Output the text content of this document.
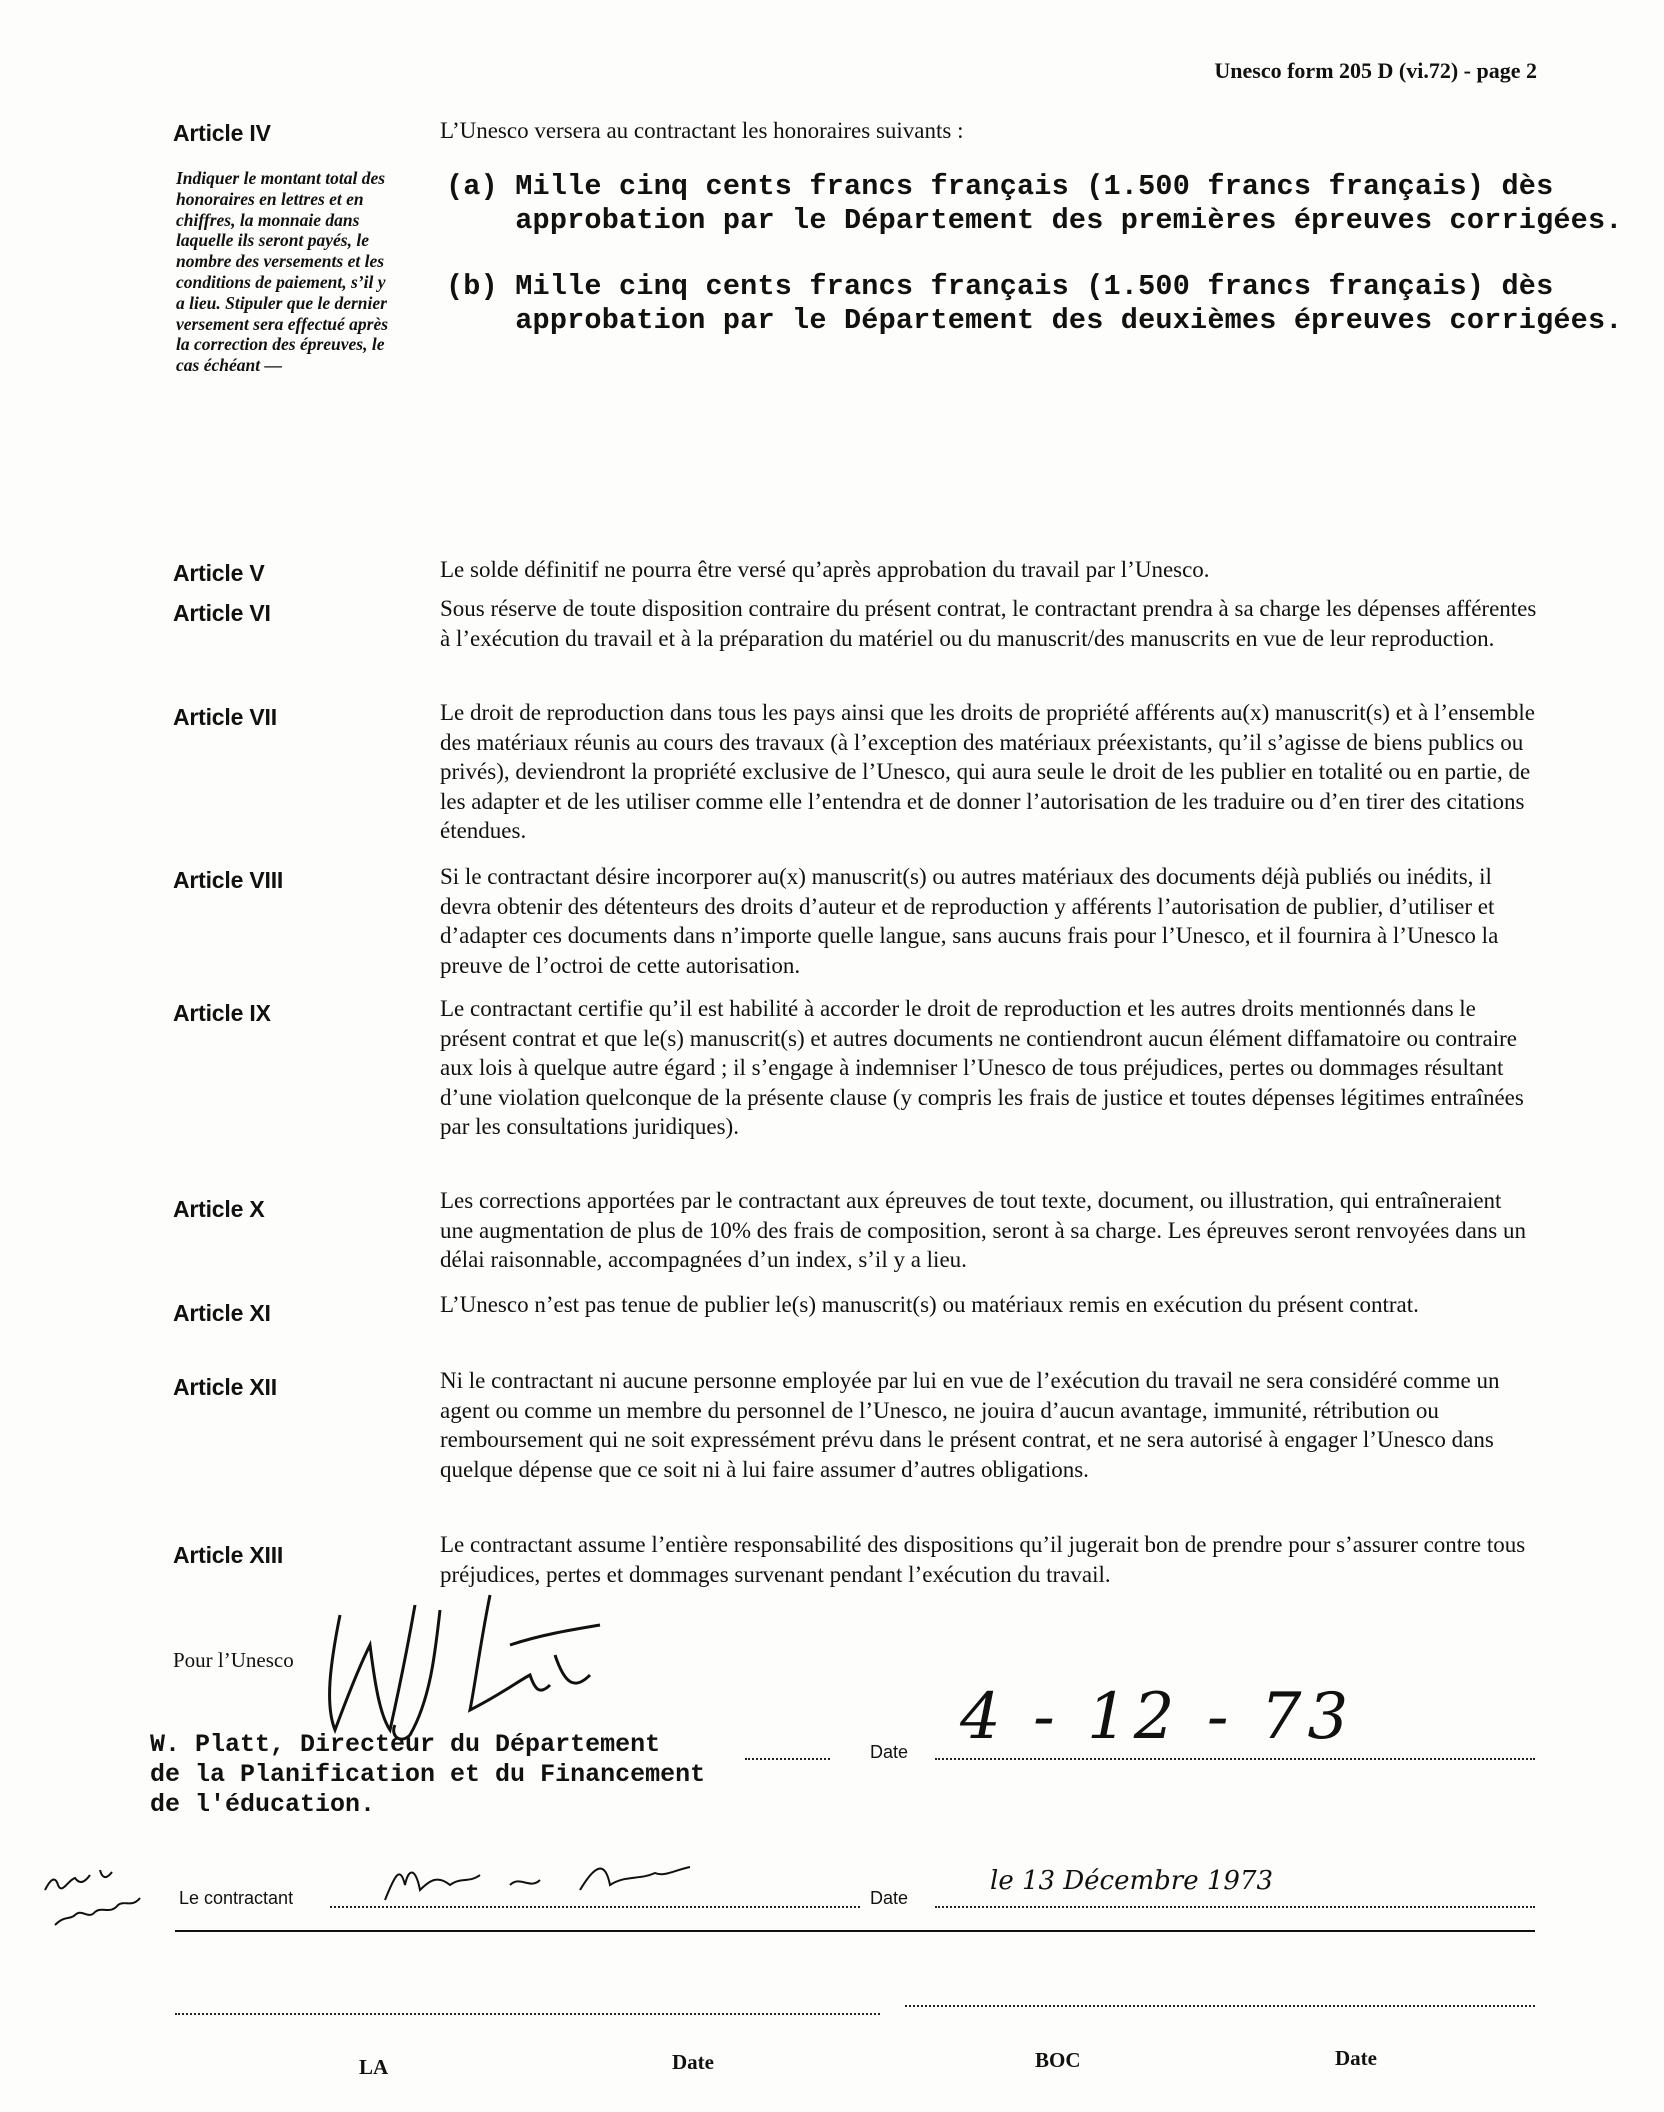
Unesco form 205 D (vi.72) - page 2
Article IV	L’Unesco versera au contractant les honoraires suivants :
Indiquer le montant total des honoraires en lettres et en chiffres, la monnaie dans laquelle ils seront payés, le nombre des versements et les conditions de paiement, s’il y a lieu. Stipuler que le dernier versement sera effectué après la correction des épreuves, le cas échéant —
(a) Mille cinq cents francs français (1.500 francs français) dès
approbation par le Département des premières épreuves corrigées.
(b) Mille cinq cents francs français (1.500 francs français) dès
approbation par le Département des deuxièmes épreuves corrigées.
Article V	Le solde définitif ne pourra être versé qu’après approbation du travail par l’Unesco.
Article VI	Sous réserve de toute disposition contraire du présent contrat, le contractant prendra à sa charge les dépenses afférentes à l’exécution du travail et à la préparation du matériel ou du manuscrit/des manuscrits en vue de leur reproduction.
Article VII	Le droit de reproduction dans tous les pays ainsi que les droits de propriété afférents au(x) manuscrit(s) et à l’ensemble des matériaux réunis au cours des travaux (à l’exception des matériaux préexistants, qu’il s’agisse de biens publics ou privés), deviendront la propriété exclusive de l’Unesco, qui aura seule le droit de les publier en totalité ou en partie, de les adapter et de les utiliser comme elle l’entendra et de donner l’autorisation de les traduire ou d’en tirer des citations étendues.
Article VIII	Si le contractant désire incorporer au(x) manuscrit(s) ou autres matériaux des documents déjà publiés ou inédits, il devra obtenir des détenteurs des droits d’auteur et de reproduction y afférents l’autorisation de publier, d’utiliser et d’adapter ces documents dans n’importe quelle langue, sans aucuns frais pour l’Unesco, et il fournira à l’Unesco la preuve de l’octroi de cette autorisation.
Article IX	Le contractant certifie qu’il est habilité à accorder le droit de reproduction et les autres droits mentionnés dans le présent contrat et que le(s) manuscrit(s) et autres documents ne contiendront aucun élément diffamatoire ou contraire aux lois à quelque autre égard ; il s’engage à indemniser l’Unesco de tous préjudices, pertes ou dommages résultant d’une violation quelconque de la présente clause (y compris les frais de justice et toutes dépenses légitimes entraînées par les consultations juridiques).
Article X	Les corrections apportées par le contractant aux épreuves de tout texte, document, ou illustration, qui entraîneraient une augmentation de plus de 10% des frais de composition, seront à sa charge. Les épreuves seront renvoyées dans un délai raisonnable, accompagnées d’un index, s’il y a lieu.
Article XI	L’Unesco n’est pas tenue de publier le(s) manuscrit(s) ou matériaux remis en exécution du présent contrat.
Article XII	Ni le contractant ni aucune personne employée par lui en vue de l’exécution du travail ne sera considéré comme un agent ou comme un membre du personnel de l’Unesco, ne jouira d’aucun avantage, immunité, rétribution ou remboursement qui ne soit expressément prévu dans le présent contrat, et ne sera autorisé à engager l’Unesco dans quelque dépense que ce soit ni à lui faire assumer d’autres obligations.
Article XIII	Le contractant assume l’entière responsabilité des dispositions qu’il jugerait bon de prendre pour s’assurer contre tous préjudices, pertes et dommages survenant pendant l’exécution du travail.
Pour l’Unesco
W. Platt, Directeur du Département
de la Planification et du Financement
de l'éducation.
Date 4 - 12 - 73
Le contractant	Date
le 13 Décembre 1973
LA	Date	BOC	Date
